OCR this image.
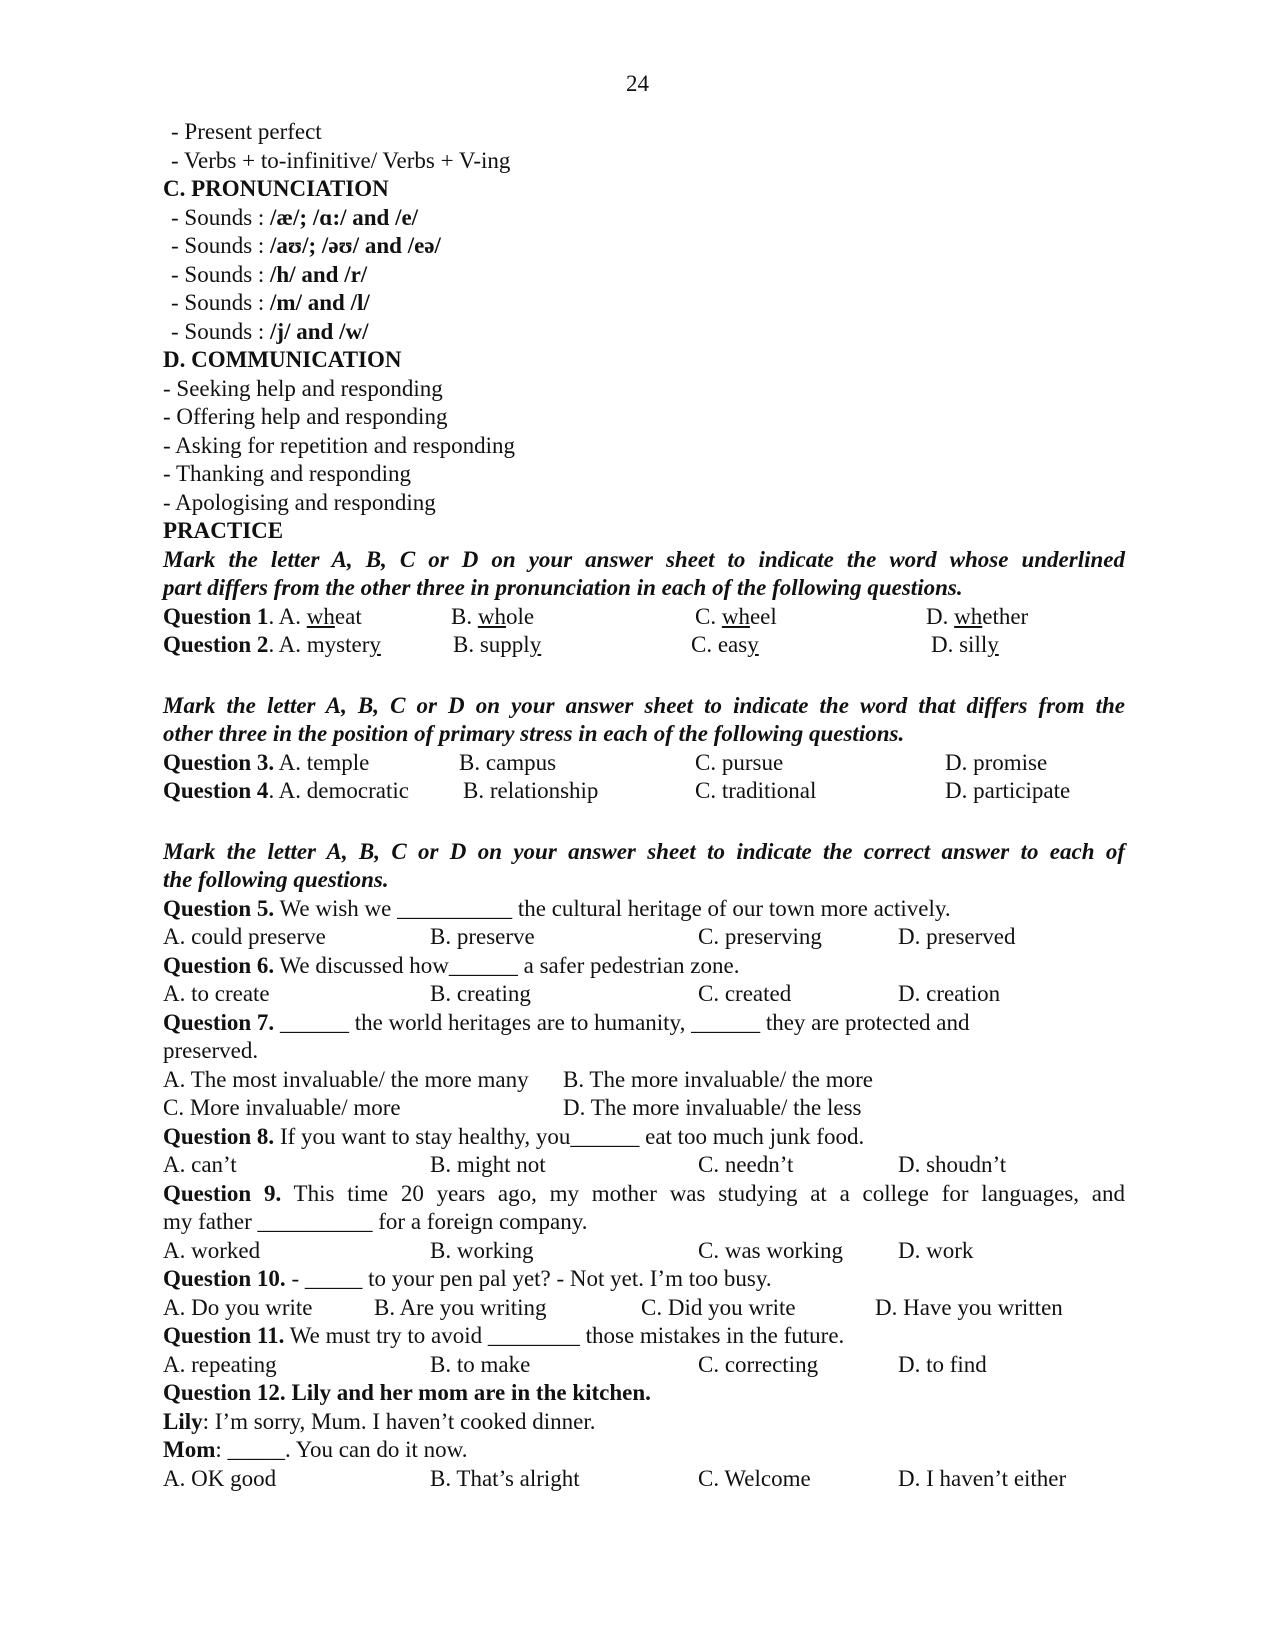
24
- Present perfect
- Verbs + to-infinitive/ Verbs + V-ing
C. PRONUNCIATION
- Sounds : /æ/; /ɑ:/ and /e/
- Sounds : /aʊ/; /əʊ/ and /eə/
- Sounds : /h/ and /r/
- Sounds : /m/ and /l/
- Sounds : /j/ and /w/
D. COMMUNICATION
- Seeking help and responding
- Offering help and responding
- Asking for repetition and responding
- Thanking and responding
- Apologising and responding
PRACTICE
Mark the letter A, B, C or D on your answer sheet to indicate the word whose underlined
part differs from the other three in pronunciation in each of the following questions.
Question 1. A. wheat	B. whole	C. wheel	D. whether
Question 2. A. mystery	B. supply	C. easy	D. silly
Mark the letter A, B, C or D on your answer sheet to indicate the word that differs from the
other three in the position of primary stress in each of the following questions.
Question 3. A. temple	B. campus	C. pursue	D. promise
Question 4. A. democratic B. relationship	C. traditional	D. participate
Mark the letter A, B, C or D on your answer sheet to indicate the correct answer to each of
the following questions.
Question 5. We wish we __________ the cultural heritage of our town more actively.
A. could preserve	B. preserve	C. preserving	D. preserved
Question 6. We discussed how______ a safer pedestrian zone.
A. to create	B. creating	C. created	D. creation
Question 7. ______ the world heritages are to humanity, ______ they are protected and
preserved.
A. The most invaluable/ the more many B. The more invaluable/ the more
C. More invaluable/ more	D. The more invaluable/ the less
Question 8. If you want to stay healthy, you______ eat too much junk food.
A. can’t	B. might not	C. needn’t	D. shoudn’t
Question 9. This time 20 years ago, my mother was studying at a college for languages, and
my father __________ for a foreign company.
A. worked	B. working	C. was working D. work
Question 10. - _____ to your pen pal yet? - Not yet. I’m too busy.
A. Do you write	B. Are you writing	C. Did you write	D. Have you written
Question 11. We must try to avoid ________ those mistakes in the future.
A. repeating	B. to make	C. correcting	D. to find
Question 12. Lily and her mom are in the kitchen.
Lily: I’m sorry, Mum. I haven’t cooked dinner.
Mom: _____. You can do it now.
A. OK good	B. That’s alright	C. Welcome	D. I haven’t either
